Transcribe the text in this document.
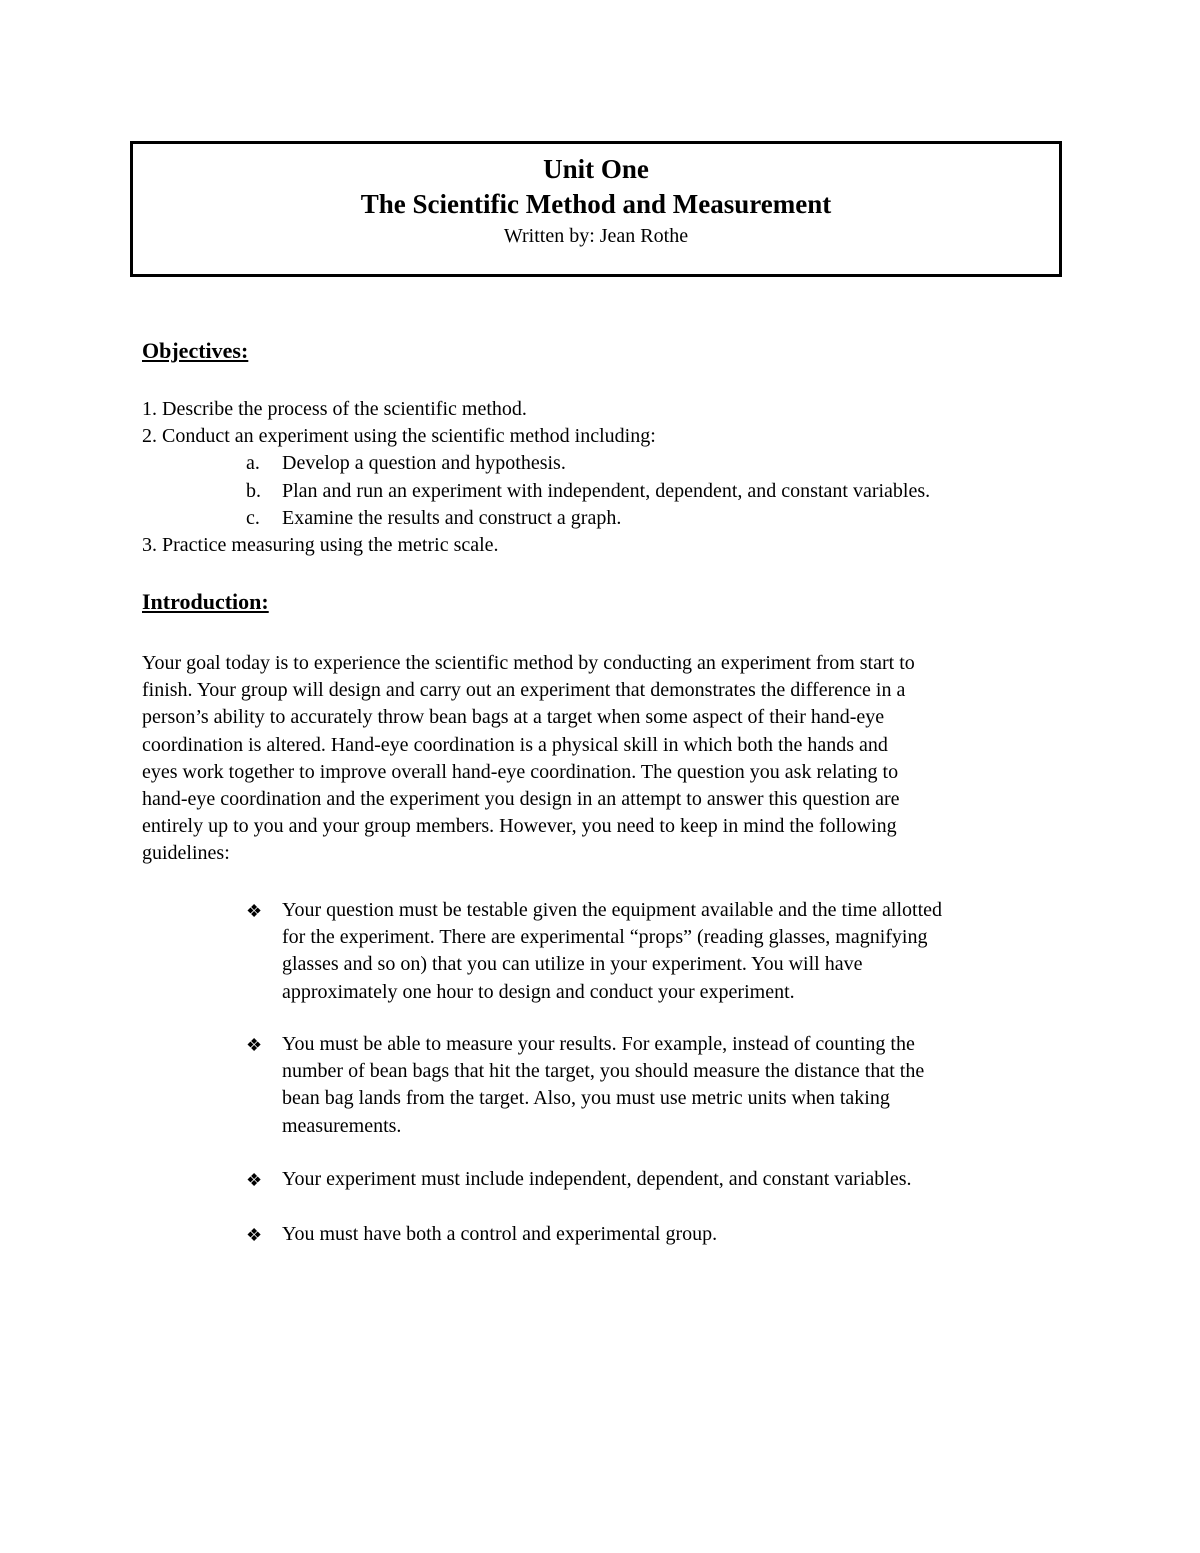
Unit One
The Scientific Method and Measurement
Written by: Jean Rothe
Objectives:
1. Describe the process of the scientific method.
2. Conduct an experiment using the scientific method including:
a. Develop a question and hypothesis.
b. Plan and run an experiment with independent, dependent, and constant variables.
c. Examine the results and construct a graph.
3. Practice measuring using the metric scale.
Introduction:
Your goal today is to experience the scientific method by conducting an experiment from start to
finish. Your group will design and carry out an experiment that demonstrates the difference in a
person’s ability to accurately throw bean bags at a target when some aspect of their hand-eye
coordination is altered. Hand-eye coordination is a physical skill in which both the hands and
eyes work together to improve overall hand-eye coordination. The question you ask relating to
hand-eye coordination and the experiment you design in an attempt to answer this question are
entirely up to you and your group members. However, you need to keep in mind the following
guidelines:
❖ Your question must be testable given the equipment available and the time allotted
for the experiment. There are experimental “props” (reading glasses, magnifying
glasses and so on) that you can utilize in your experiment. You will have
approximately one hour to design and conduct your experiment.
❖ You must be able to measure your results. For example, instead of counting the
number of bean bags that hit the target, you should measure the distance that the
bean bag lands from the target. Also, you must use metric units when taking
measurements.
❖ Your experiment must include independent, dependent, and constant variables.
❖ You must have both a control and experimental group.
